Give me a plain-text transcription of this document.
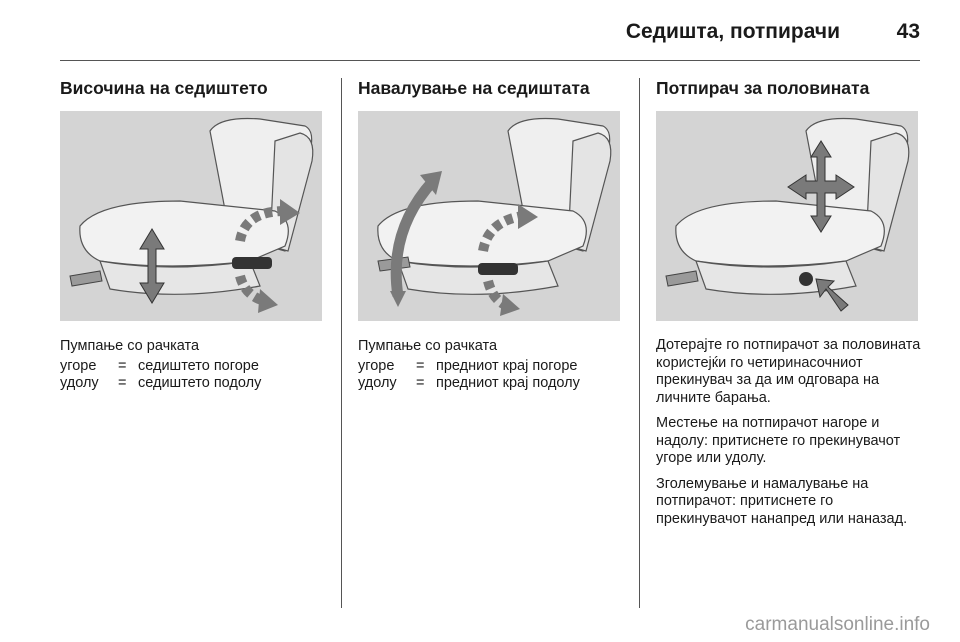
Седишта, потпирачи	43
Височина на седиштето
Пумпање со рачката
угоре	= седиштето погоре
удолу	= седиштето подолу
Навалување на седиштата
Пумпање со рачката
угоре	= предниот крај погоре
удолу	= предниот крај подолу
Потпирач за половината

Дотерајте го потпирачот за половината користејќи го четиринасочниот прекинувач за да им одговара на личните барања.

Местење на потпирачот нагоре и надолу: притиснете го прекинувачот угоре или удолу.

Зголемување и намалување на потпирачот: притиснете го прекинувачот нанапред или наназад.

carmanualsonline.info
